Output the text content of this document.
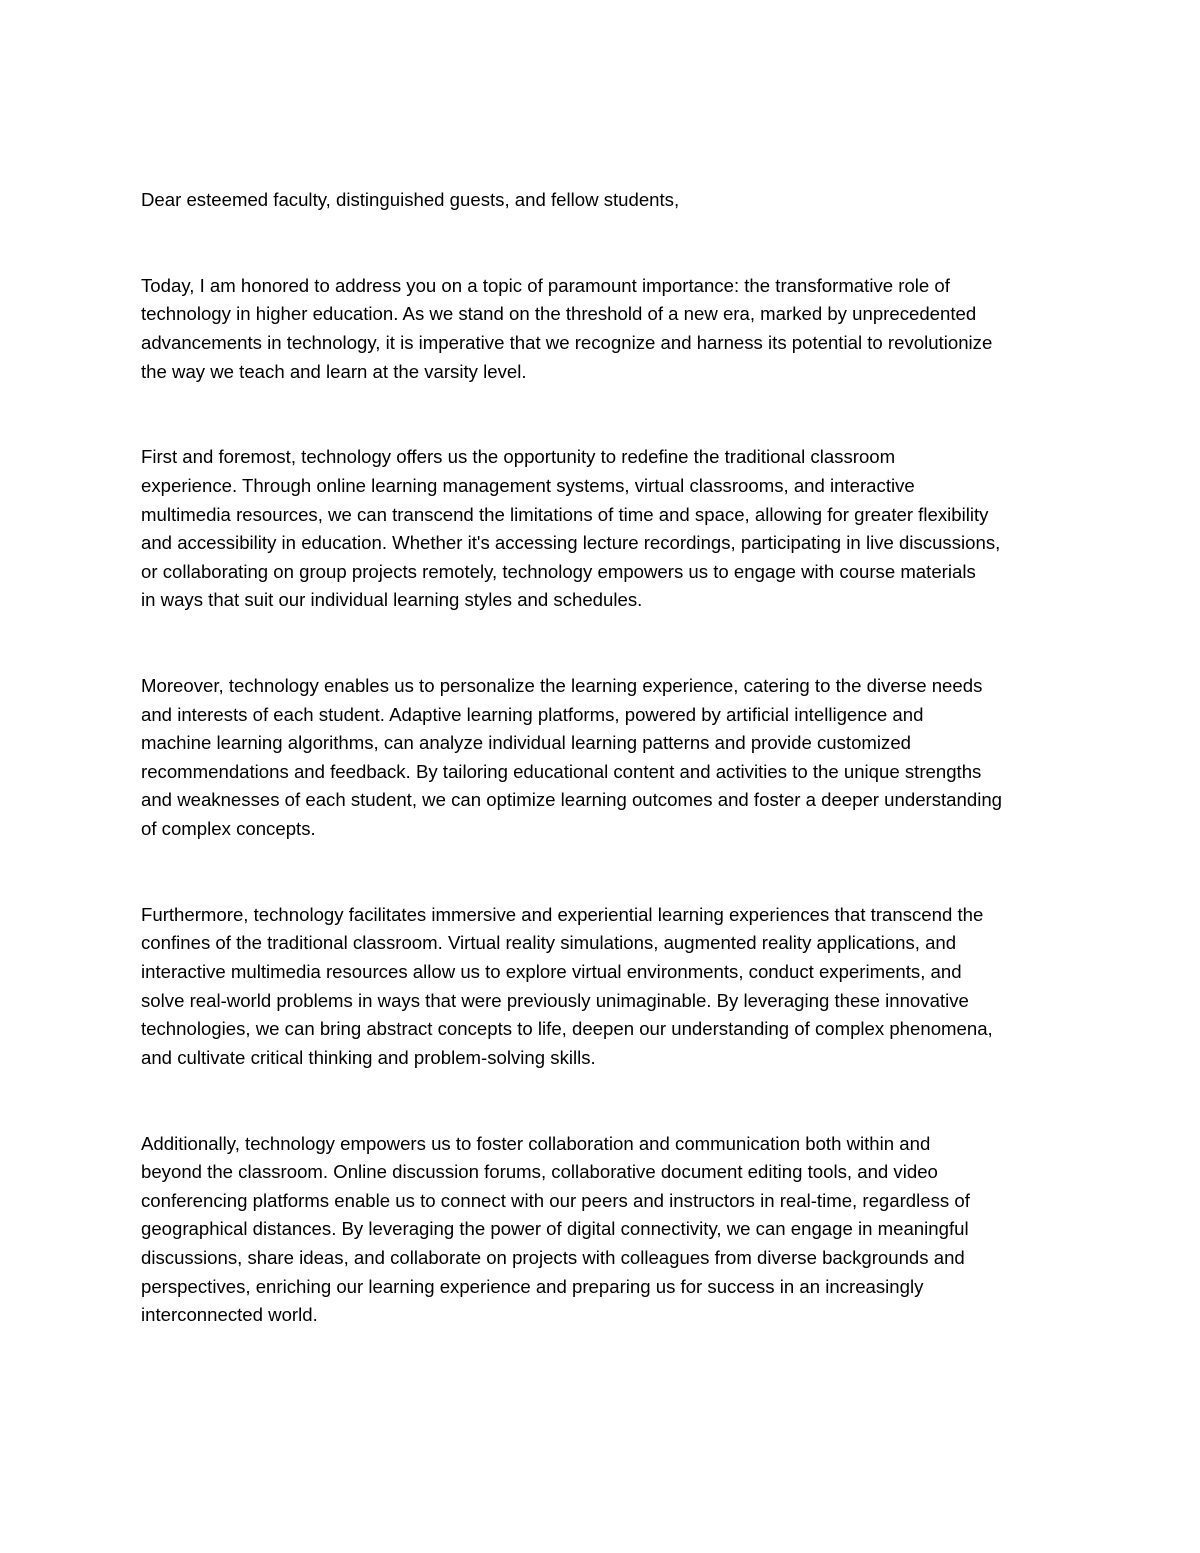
Dear esteemed faculty, distinguished guests, and fellow students,

Today, I am honored to address you on a topic of paramount importance: the transformative role of
technology in higher education. As we stand on the threshold of a new era, marked by unprecedented
advancements in technology, it is imperative that we recognize and harness its potential to revolutionize
the way we teach and learn at the varsity level.

First and foremost, technology offers us the opportunity to redefine the traditional classroom
experience. Through online learning management systems, virtual classrooms, and interactive
multimedia resources, we can transcend the limitations of time and space, allowing for greater flexibility
and accessibility in education. Whether it's accessing lecture recordings, participating in live discussions,
or collaborating on group projects remotely, technology empowers us to engage with course materials
in ways that suit our individual learning styles and schedules.

Moreover, technology enables us to personalize the learning experience, catering to the diverse needs
and interests of each student. Adaptive learning platforms, powered by artificial intelligence and
machine learning algorithms, can analyze individual learning patterns and provide customized
recommendations and feedback. By tailoring educational content and activities to the unique strengths
and weaknesses of each student, we can optimize learning outcomes and foster a deeper understanding
of complex concepts.

Furthermore, technology facilitates immersive and experiential learning experiences that transcend the
confines of the traditional classroom. Virtual reality simulations, augmented reality applications, and
interactive multimedia resources allow us to explore virtual environments, conduct experiments, and
solve real-world problems in ways that were previously unimaginable. By leveraging these innovative
technologies, we can bring abstract concepts to life, deepen our understanding of complex phenomena,
and cultivate critical thinking and problem-solving skills.

Additionally, technology empowers us to foster collaboration and communication both within and
beyond the classroom. Online discussion forums, collaborative document editing tools, and video
conferencing platforms enable us to connect with our peers and instructors in real-time, regardless of
geographical distances. By leveraging the power of digital connectivity, we can engage in meaningful
discussions, share ideas, and collaborate on projects with colleagues from diverse backgrounds and
perspectives, enriching our learning experience and preparing us for success in an increasingly
interconnected world.
